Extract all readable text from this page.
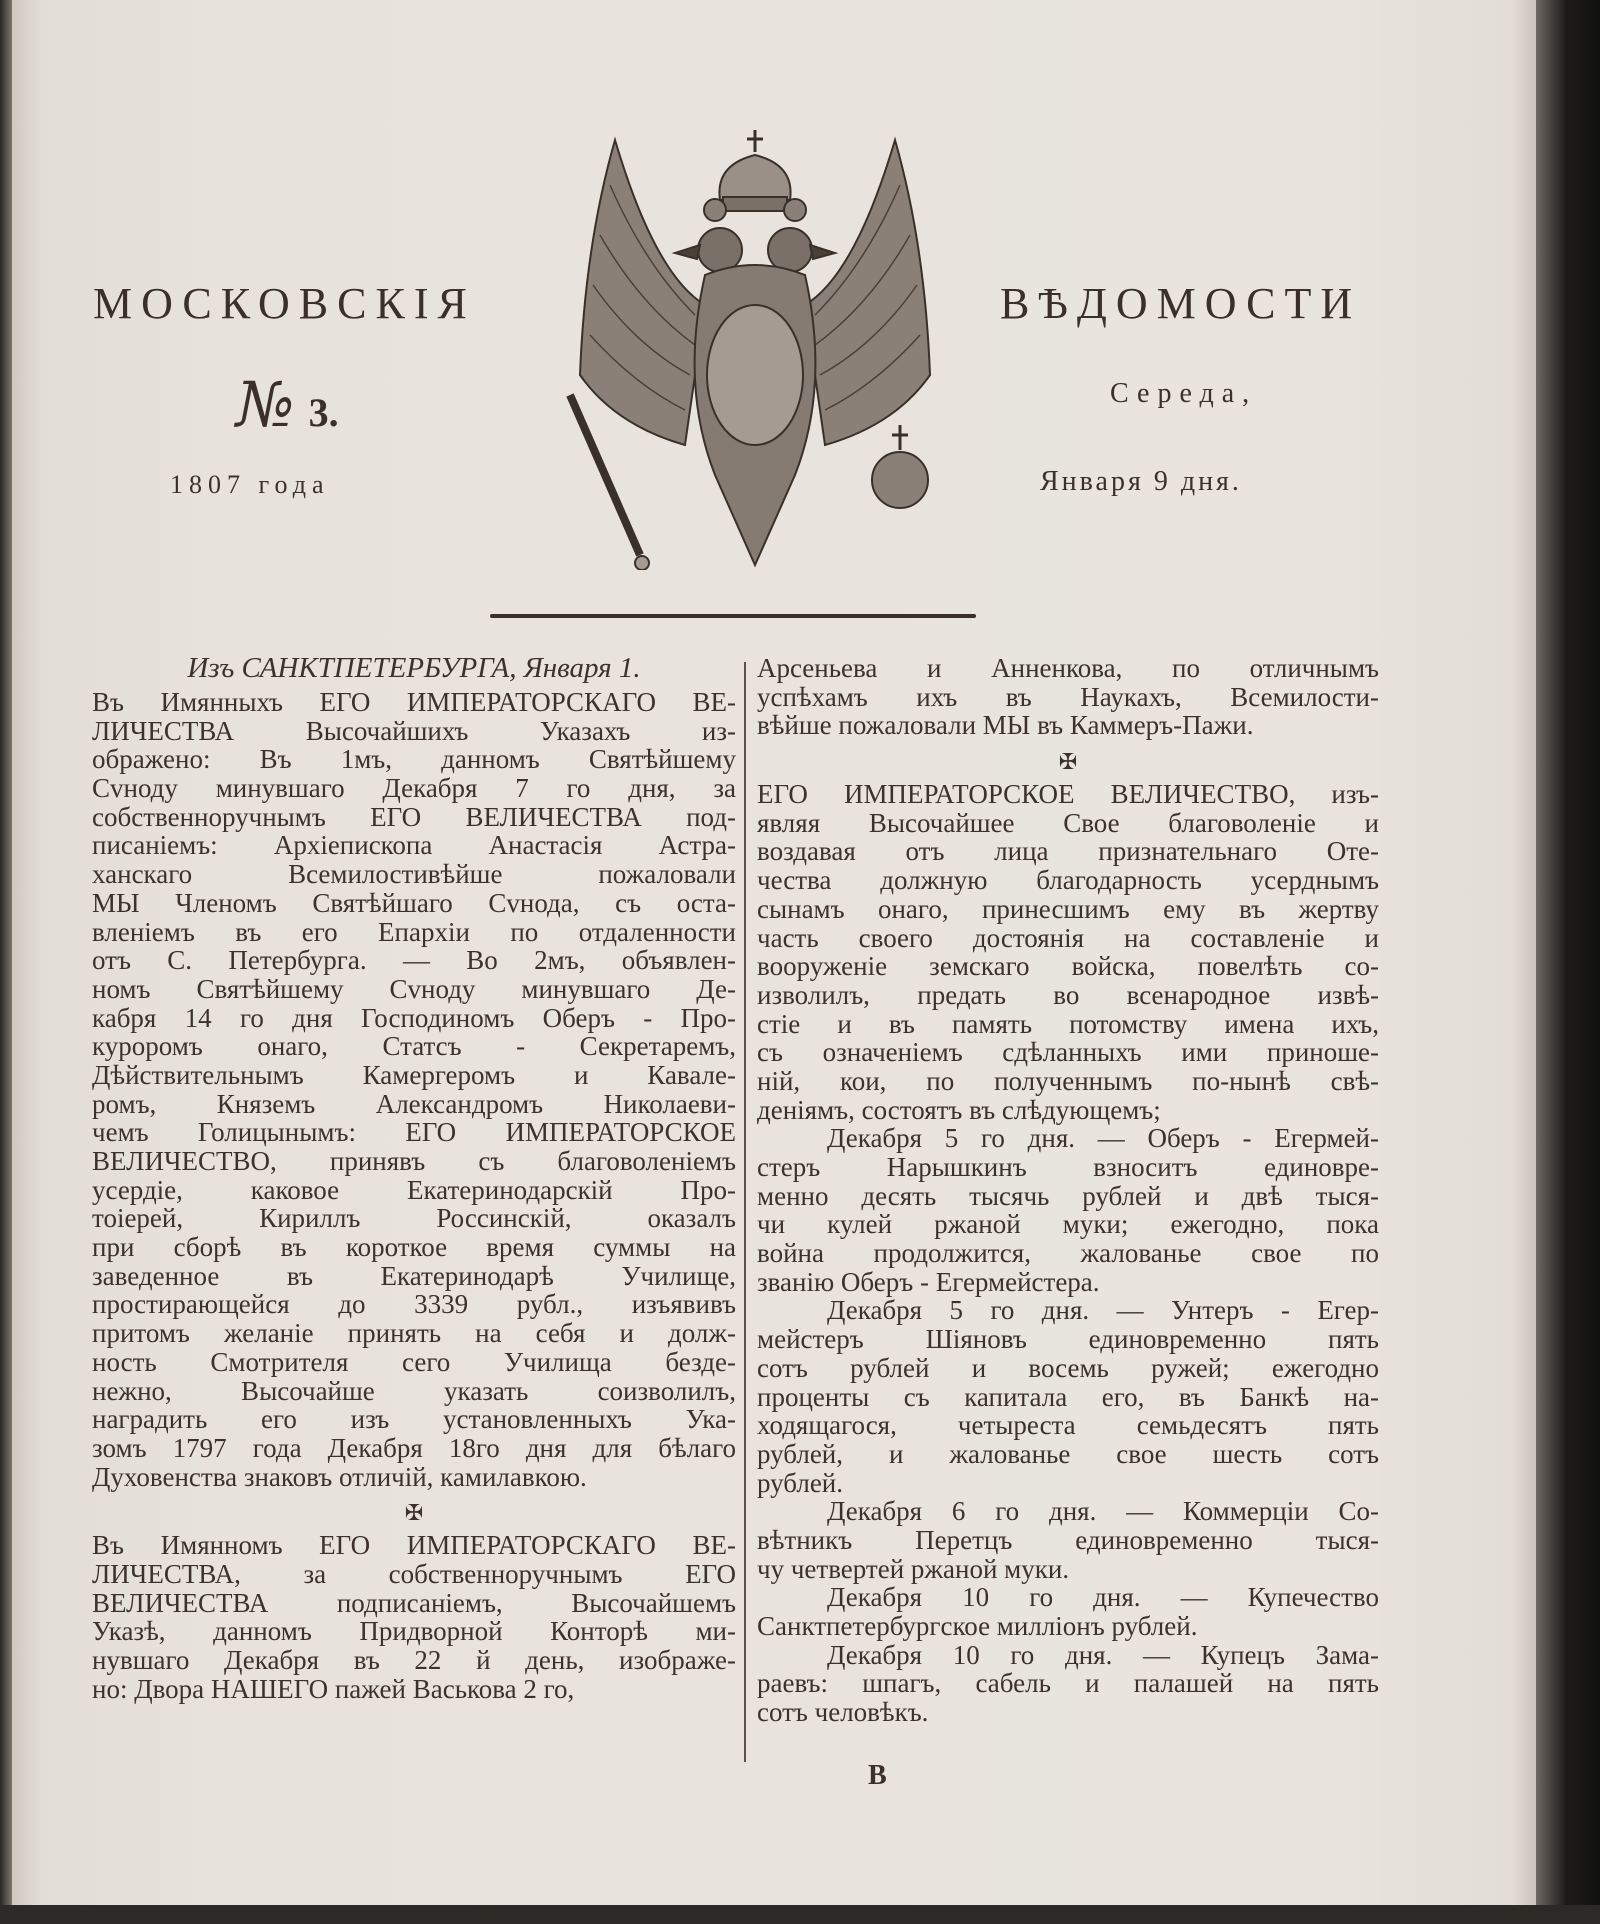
МОСКОВСКІЯ	ВѢДОМОСТИ
№ 3.
1807 года
Середа,
Января 9 дня.
Изъ САНКТПЕТЕРБУРГА, Января 1.
Въ Имянныхъ ЕГО ИМПЕРАТОРСКАГО ВЕ-
ЛИЧЕСТВА Высочайшихъ Указахъ из-
ображено: Въ 1мъ, данномъ Святѣйшему
Сvноду минувшаго Декабря 7 го дня, за
собственноручнымъ ЕГО ВЕЛИЧЕСТВА под-
писаніемъ: Архіепископа Анастасія Астра-
ханскаго Всемилостивѣйше пожаловали
МЫ Членомъ Святѣйшаго Сvнода, съ оста-
вленіемъ въ его Епархіи по отдаленности
отъ С. Петербурга. — Во 2мъ, объявлен-
номъ Святѣйшему Сvноду минувшаго Де-
кабря 14 го дня Господиномъ Оберъ - Про-
куроромъ онаго, Статсъ - Секретаремъ,
Дѣйствительнымъ Камергеромъ и Кавале-
ромъ, Княземъ Александромъ Николаеви-
чемъ Голицынымъ: ЕГО ИМПЕРАТОРСКОЕ
ВЕЛИЧЕСТВО, принявъ съ благоволеніемъ
усердіе, каковое Екатеринодарскій Про-
тоіерей, Кириллъ Россинскій, оказалъ
при сборѣ въ короткое время суммы на
заведенное въ Екатеринодарѣ Училище,
простирающейся до 3339 рубл., изъявивъ
притомъ желаніе принять на себя и долж-
ность Смотрителя сего Училища безде-
нежно, Высочайше указать соизволилъ,
наградить его изъ установленныхъ Ука-
зомъ 1797 года Декабря 18го дня для бѣлаго
Духовенства знаковъ отличій, камилавкою.
✠
Въ Имянномъ ЕГО ИМПЕРАТОРСКАГО ВЕ-
ЛИЧЕСТВА, за собственноручнымъ ЕГО
ВЕЛИЧЕСТВА подписаніемъ, Высочайшемъ
Указѣ, данномъ Придворной Конторѣ ми-
нувшаго Декабря въ 22 й день, изображе-
но: Двора НАШЕГО пажей Васькова 2 го,
Арсеньева и Анненкова, по отличнымъ
успѣхамъ ихъ въ Наукахъ, Всемилости-
вѣйше пожаловали МЫ въ Каммеръ-Пажи.
✠
ЕГО ИМПЕРАТОРСКОЕ ВЕЛИЧЕСТВО, изъ-
являя Высочайшее Свое благоволеніе и
воздавая отъ лица признательнаго Оте-
чества должную благодарность усерднымъ
сынамъ онаго, принесшимъ ему въ жертву
часть своего достоянія на составленіе и
вооруженіе земскаго войска, повелѣть со-
изволилъ, предать во всенародное извѣ-
стіе и въ память потомству имена ихъ,
съ означеніемъ сдѣланныхъ ими приноше-
ній, кои, по полученнымъ по-нынѣ свѣ-
деніямъ, состоятъ въ слѣдующемъ;
Декабря 5 го дня. — Оберъ - Егермей-
стеръ Нарышкинъ взноситъ единовре-
менно десять тысячь рублей и двѣ тыся-
чи кулей ржаной муки; ежегодно, пока
война продолжится, жалованье свое по
званію Оберъ - Егермейстера.
Декабря 5 го дня. — Унтеръ - Егер-
мейстеръ Шіяновъ единовременно пять
сотъ рублей и восемь ружей; ежегодно
проценты съ капитала его, въ Банкѣ на-
ходящагося, четыреста семьдесятъ пять
рублей, и жалованье свое шесть сотъ
рублей.
Декабря 6 го дня. — Коммерціи Со-
вѣтникъ Перетцъ единовременно тыся-
чу четвертей ржаной муки.
Декабря 10 го дня. — Купечество
Санктпетербургское милліонъ рублей.
Декабря 10 го дня. — Купецъ Зама-
раевъ: шпагъ, сабель и палашей на пять
сотъ человѣкъ.
В
